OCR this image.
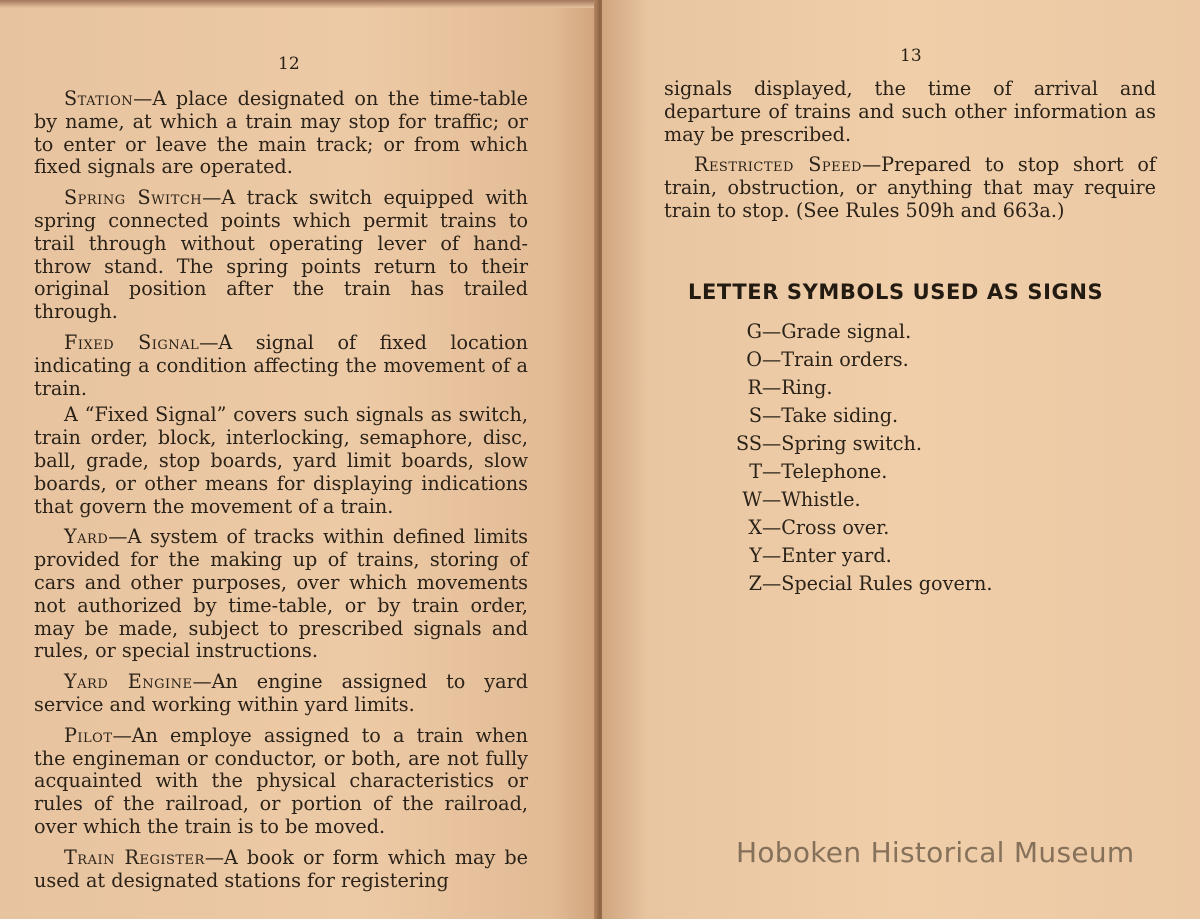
12

Station—A place designated on the time-table by name, at which a train may stop for traffic; or to enter or leave the main track; or from which fixed signals are operated.

Spring Switch—A track switch equipped with spring connected points which permit trains to trail through without operating lever of hand-throw stand. The spring points return to their original position after the train has trailed through.

Fixed Signal—A signal of fixed location indicating a condition affecting the movement of a train.

A “Fixed Signal” covers such signals as switch, train order, block, interlocking, semaphore, disc, ball, grade, stop boards, yard limit boards, slow boards, or other means for displaying indications that govern the movement of a train.

Yard—A system of tracks within defined limits provided for the making up of trains, storing of cars and other purposes, over which movements not authorized by time-table, or by train order, may be made, subject to prescribed signals and rules, or special instructions.

Yard Engine—An engine assigned to yard service and working within yard limits.

Pilot—An employe assigned to a train when the engineman or conductor, or both, are not fully acquainted with the physical characteristics or rules of the railroad, or portion of the railroad, over which the train is to be moved.

Train Register—A book or form which may be used at designated stations for registering

13

signals displayed, the time of arrival and departure of trains and such other information as may be prescribed.

Restricted Speed—Prepared to stop short of train, obstruction, or anything that may require train to stop. (See Rules 509h and 663a.)

LETTER SYMBOLS USED AS SIGNS
G—Grade signal.
O—Train orders.
R—Ring.
S—Take siding.
SS—Spring switch.
T—Telephone.
W—Whistle.
X—Cross over.
Y—Enter yard.
Z—Special Rules govern.
Hoboken Historical Museum
